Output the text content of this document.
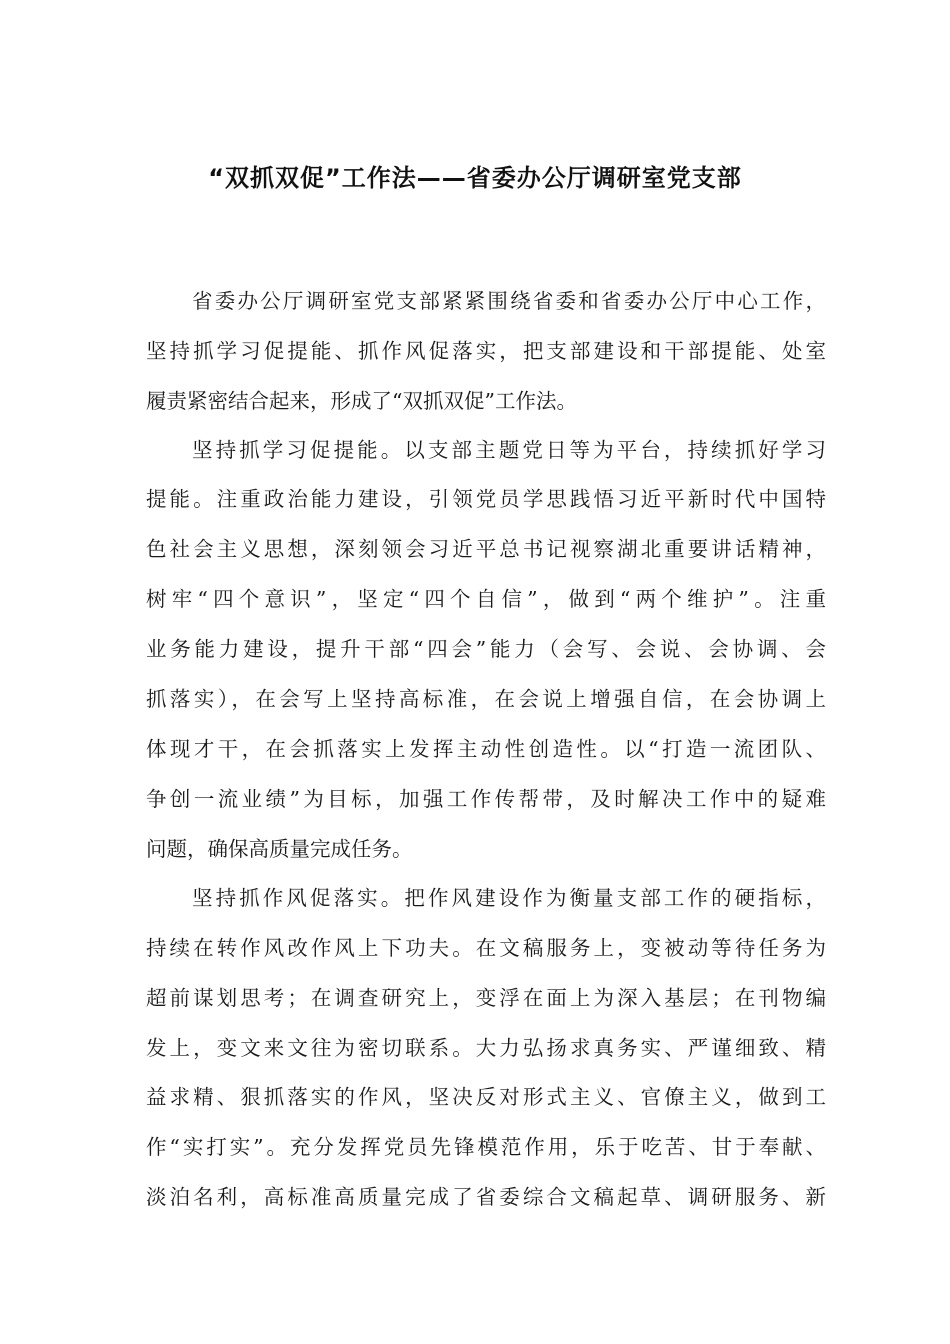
“双抓双促”工作法——省委办公厅调研室党支部

省委办公厅调研室党支部紧紧围绕省委和省委办公厅中心工作，

坚持抓学习促提能、抓作风促落实，把支部建设和干部提能、处室

履责紧密结合起来，形成了“双抓双促”工作法。

坚持抓学习促提能。以支部主题党日等为平台，持续抓好学习

提能。注重政治能力建设，引领党员学思践悟习近平新时代中国特

色社会主义思想，深刻领会习近平总书记视察湖北重要讲话精神，

树牢“四个意识”，坚定“四个自信”，做到“两个维护”。注重

业务能力建设，提升干部“四会”能力（会写、会说、会协调、会

抓落实），在会写上坚持高标准，在会说上增强自信，在会协调上

体现才干，在会抓落实上发挥主动性创造性。以“打造一流团队、

争创一流业绩”为目标，加强工作传帮带，及时解决工作中的疑难

问题，确保高质量完成任务。

坚持抓作风促落实。把作风建设作为衡量支部工作的硬指标，

持续在转作风改作风上下功夫。在文稿服务上，变被动等待任务为

超前谋划思考；在调查研究上，变浮在面上为深入基层；在刊物编

发上，变文来文往为密切联系。大力弘扬求真务实、严谨细致、精

益求精、狠抓落实的作风，坚决反对形式主义、官僚主义，做到工

作“实打实”。充分发挥党员先锋模范作用，乐于吃苦、甘于奉献、

淡泊名利，高标准高质量完成了省委综合文稿起草、调研服务、新
